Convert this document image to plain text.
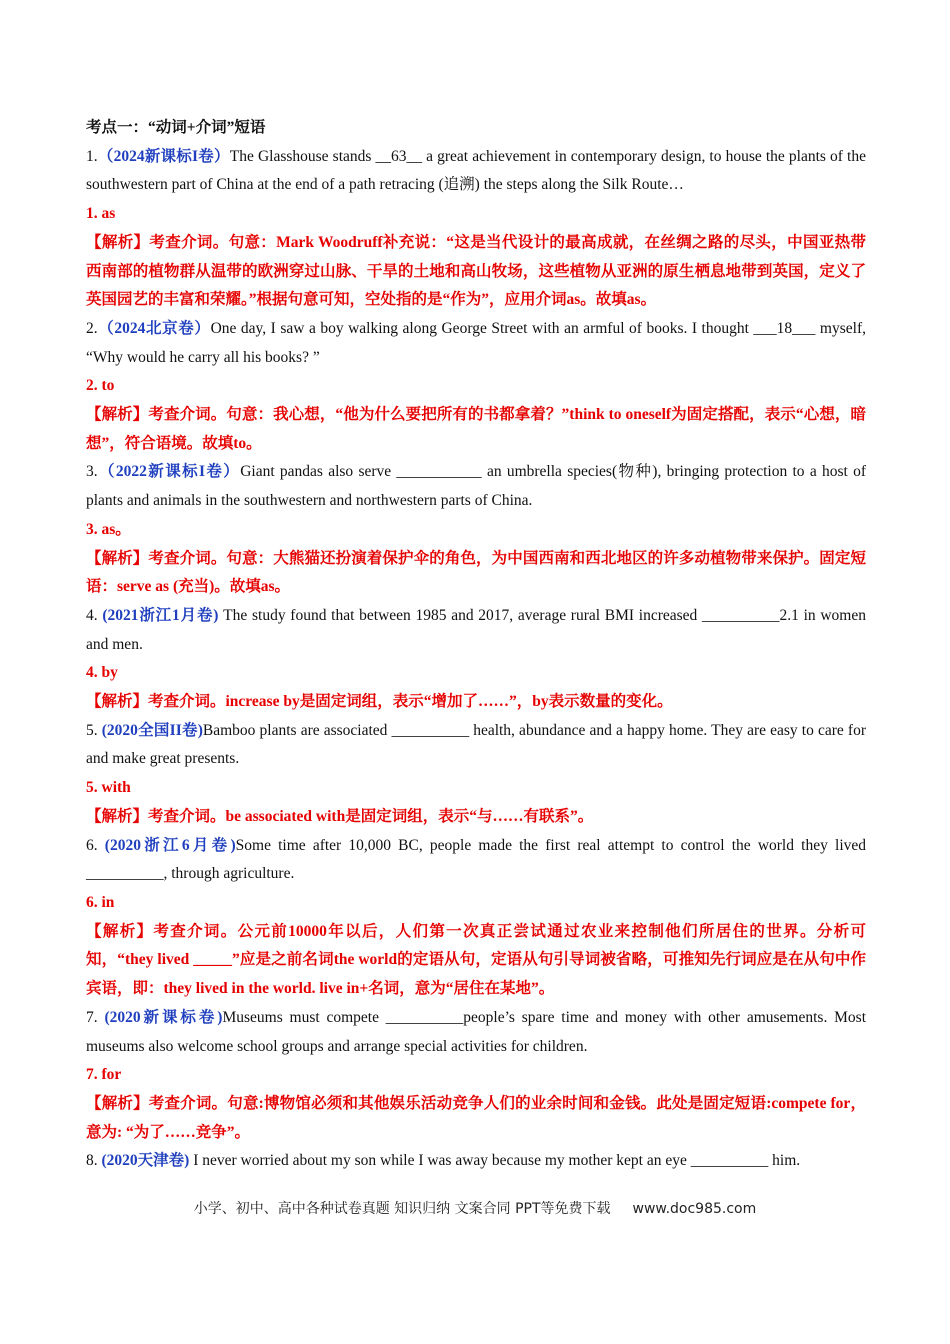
考点一：“动词+介词”短语
1.（2024新课标I卷）The Glasshouse stands __63__ a great achievement in contemporary design, to house the plants of the southwestern part of China at the end of a path retracing (追溯) the steps along the Silk Route…
1. as
【解析】考查介词。句意：Mark Woodruff补充说：“这是当代设计的最高成就，在丝绸之路的尽头，中国亚热带西南部的植物群从温带的欧洲穿过山脉、干旱的土地和高山牧场，这些植物从亚洲的原生栖息地带到英国，定义了英国园艺的丰富和荣耀。”根据句意可知，空处指的是“作为”，应用介词as。故填as。
2.（2024北京卷）One day, I saw a boy walking along George Street with an armful of books. I thought ___18___ myself, “Why would he carry all his books? ”
2. to
【解析】考查介词。句意：我心想，“他为什么要把所有的书都拿着？”think to oneself为固定搭配，表示“心想，暗想”，符合语境。故填to。
3.（2022新课标I卷）Giant pandas also serve ___________ an umbrella species(物种), bringing protection to a host of plants and animals in the southwestern and northwestern parts of China.
3. as。
【解析】考查介词。句意：大熊猫还扮演着保护伞的角色，为中国西南和西北地区的许多动植物带来保护。固定短语：serve as (充当)。故填as。
4. (2021浙江1月卷) The study found that between 1985 and 2017, average rural BMI increased __________2.1 in women and men.
4. by
【解析】考查介词。increase by是固定词组，表示“增加了……”，by表示数量的变化。
5. (2020全国II卷)Bamboo plants are associated __________ health, abundance and a happy home. They are easy to care for and make great presents.
5. with
【解析】考查介词。be associated with是固定词组，表示“与……有联系”。
6. (2020浙江6月卷)Some time after 10,000 BC, people made the first real attempt to control the world they lived __________, through agriculture.
6. in
【解析】考查介词。公元前10000年以后，人们第一次真正尝试通过农业来控制他们所居住的世界。分析可知，“they lived _____”应是之前名词the world的定语从句，定语从句引导词被省略，可推知先行词应是在从句中作宾语，即：they lived in the world. live in+名词，意为“居住在某地”。
7. (2020新课标卷)Museums must compete __________people’s spare time and money with other amusements. Most museums also welcome school groups and arrange special activities for children.
7. for
【解析】考查介词。句意:博物馆必须和其他娱乐活动竞争人们的业余时间和金钱。此处是固定短语:compete for，意为: “为了……竞争”。
8. (2020天津卷) I never worried about my son while I was away because my mother kept an eye __________ him.
小学、初中、高中各种试卷真题 知识归纳 文案合同 PPT等免费下载 www.doc985.com
